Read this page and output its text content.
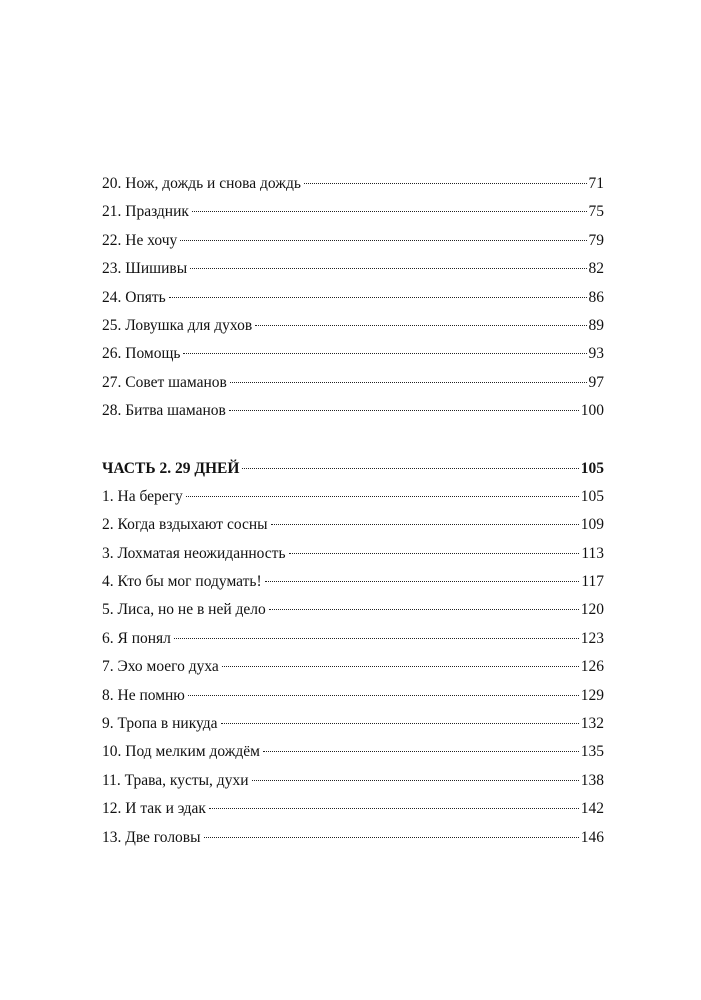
20. Нож, дождь и снова дождь	71
21. Праздник	75
22. Не хочу	79
23. Шишивы	82
24. Опять	86
25. Ловушка для духов	89
26. Помощь	93
27. Совет шаманов	97
28. Битва шаманов	100
ЧАСТЬ 2. 29 ДНЕЙ	105
1. На берегу	105
2. Когда вздыхают сосны	109
3. Лохматая неожиданность	113
4. Кто бы мог подумать!	117
5. Лиса, но не в ней дело	120
6. Я понял	123
7. Эхо моего духа	126
8. Не помню	129
9. Тропа в никуда	132
10. Под мелким дождём	135
11. Трава, кусты, духи	138
12. И так и эдак	142
13. Две головы	146
